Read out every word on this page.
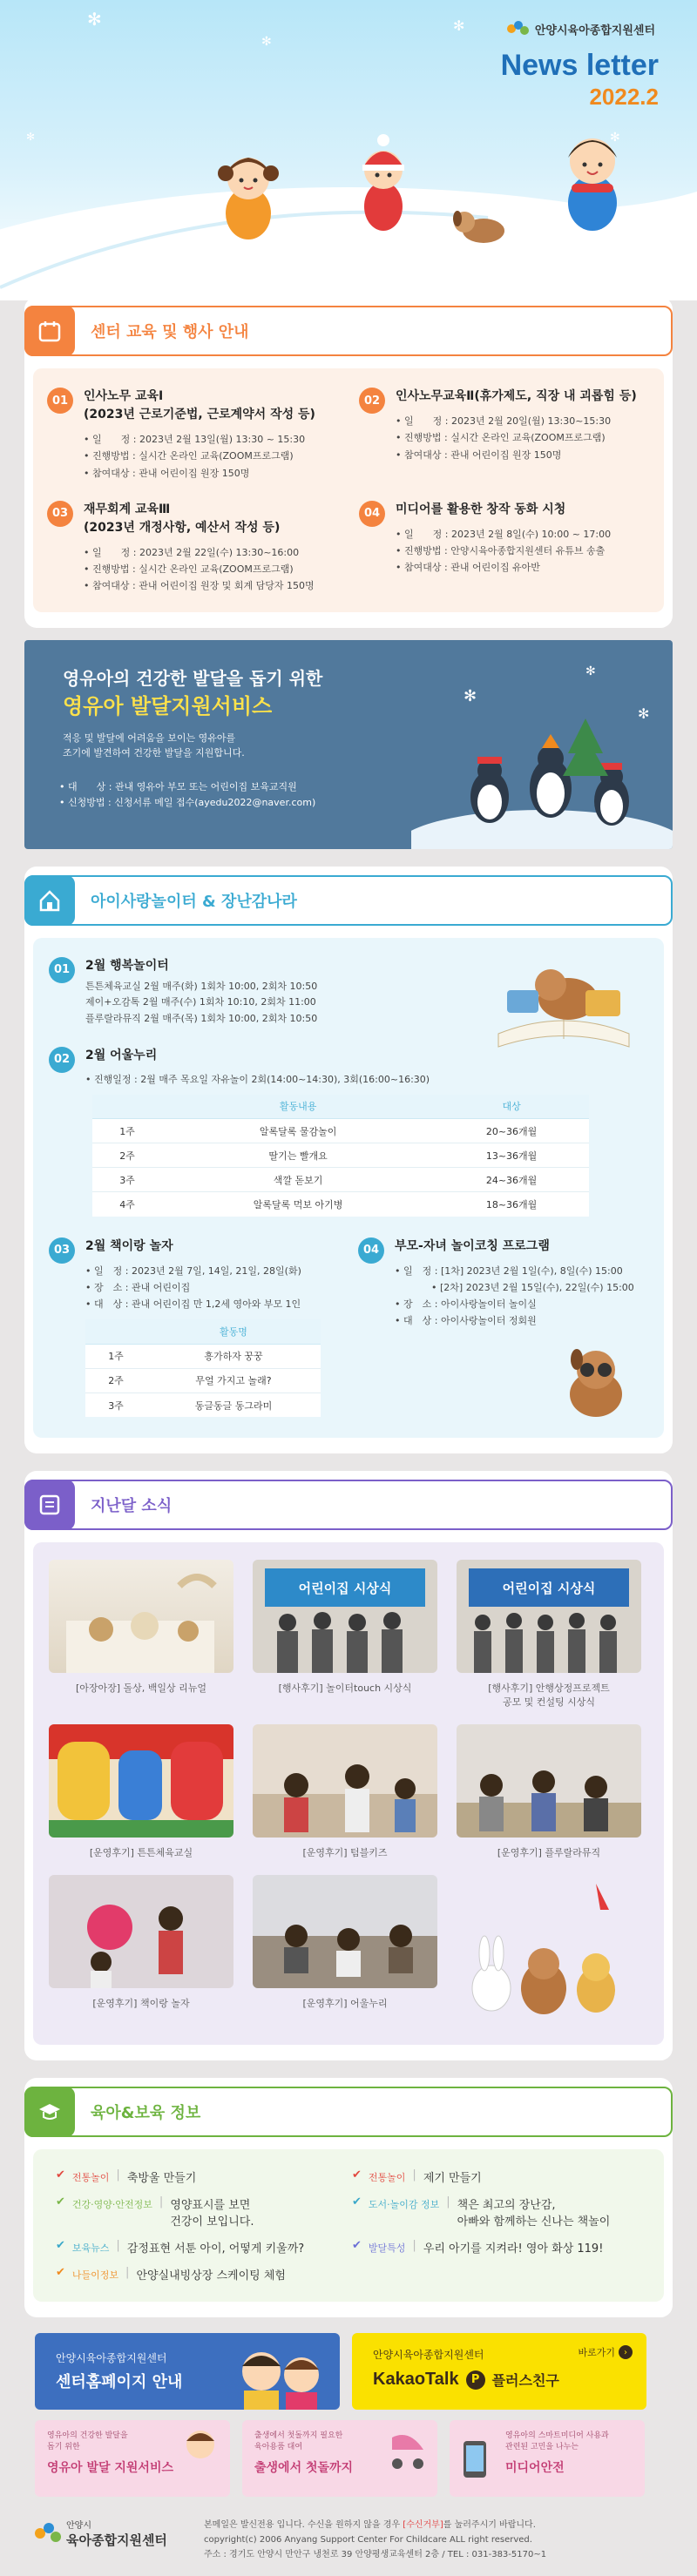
✻
✻
✻
✻	✻
안양시육아종합지원센터
News letter
2022.2
센터 교육 및 행사 안내
01	인사노무 교육Ⅰ
(2023년 근로기준법, 근로계약서 작성 등)
• 일　　정 : 2023년 2월 13일(월) 13:30 ~ 15:30
• 진행방법 : 실시간 온라인 교육(ZOOM프로그램)
• 참여대상 : 관내 어린이집 원장 150명
02	인사노무교육Ⅱ(휴가제도, 직장 내 괴롭힘 등)
• 일　　정 : 2023년 2월 20일(월) 13:30~15:30
• 진행방법 : 실시간 온라인 교육(ZOOM프로그램)
• 참여대상 : 관내 어린이집 원장 150명
03	재무회계 교육Ⅲ
(2023년 개정사항, 예산서 작성 등)
• 일　　정 : 2023년 2월 22일(수) 13:30~16:00
• 진행방법 : 실시간 온라인 교육(ZOOM프로그램)
• 참여대상 : 관내 어린이집 원장 및 회계 담당자 150명
04	미디어를 활용한 창작 동화 시청
• 일　　정 : 2023년 2월 8일(수) 10:00 ~ 17:00
• 진행방법 : 안양시육아종합지원센터 유튜브 송출
• 참여대상 : 관내 어린이집 유아반
영유아의 건강한 발달을 돕기 위한
영유아 발달지원서비스
적응 및 발달에 어려움을 보이는 영유아를
조기에 발견하여 건강한 발달을 지원합니다.
• 대　　상 : 관내 영유아 부모 또는 어린이집 보육교직원
• 신청방법 : 신청서류 메일 접수(ayedu2022@naver.com)
✻
✻
✻
아이사랑놀이터 & 장난감나라
01	2월 행복놀이터
튼튼체육교실 2월 매주(화) 1회차 10:00, 2회차 10:50
제이+오감톡 2월 매주(수) 1회차 10:10, 2회차 11:00
플루랄라뮤직 2월 매주(목) 1회차 10:00, 2회차 10:50
02	2월 어울누리
• 진행일정 : 2월 매주 목요일 자유놀이 2회(14:00~14:30), 3회(16:00~16:30)
	활동내용	대상
1주	알록달록 물감놀이	20~36개월
2주	딸기는 빨개요	13~36개월
3주	색깔 돋보기	24~36개월
4주	알록달록 먹보 아기병	18~36개월
03	2월 책이랑 놀자
• 일　정 : 2023년 2월 7일, 14일, 21일, 28일(화)
• 장　소 : 관내 어린이집
• 대　상 : 관내 어린이집 만 1,2세 영아와 부모 1인
	활동명
1주	흥가하자 꿍꿍
2주	무얼 가지고 놀래?
3주	동글동글 동그라미
04	부모-자녀 놀이코칭 프로그램
• 일　정 : [1차] 2023년 2월 1일(수), 8일(수) 15:00
• [2차] 2023년 2월 15일(수), 22일(수) 15:00
• 장　소 : 아이사랑놀이터 놀이실
• 대　상 : 아이사랑놀이터 정회원
지난달 소식
[아장아장] 돌상, 백일상 리뉴얼
어린이집 시상식
[행사후기] 놀이터touch 시상식
어린이집 시상식
[행사후기] 안행상정프로젝트
공모 및 컨설팅 시상식
[운영후기] 튼튼체육교실	[운영후기] 텀블키즈	[운영후기] 플루랄라뮤직
[운영후기] 책이랑 놀자	[운영후기] 어울누리
육아&보육 정보
✔ 전통놀이 | 축방울 만들기	✔ 전통놀이 | 제기 만들기
✔ 건강·영양·안전정보 | 영양표시를 보면
건강이 보입니다.
✔ 도서·놀이감 정보 | 책은 최고의 장난감,
아빠와 함께하는 신나는 책놀이
✔ 보육뉴스 | 감정표현 서툰 아이, 어떻게 키울까?	✔ 발달특성 | 우리 아기를 지켜라! 영아 화상 119!
✔ 나들이정보 | 안양실내빙상장 스케이팅 체험
안양시육아종합지원센터
센터홈페이지 안내
안양시육아종합지원센터	바로가기	›
KakaoTalk	P 플러스친구
영유아의 건강한 발달을
돕기 위한
영유아 발달 지원서비스
출생에서 첫돌까지 필요한
육아용품 대여
출생에서 첫돌까지
영유아의 스마트미디어 사용과
관련된 고민을 나누는
미디어안전
안양시
육아종합지원센터
본메일은 발신전용 입니다. 수신을 원하지 않을 경우 [수신거부]를 눌러주시기 바랍니다.
copyright(c) 2006 Anyang Support Center For Childcare ALL right reserved.
주소 : 경기도 안양시 만안구 냉천로 39 안양평생교육센터 2층 / TEL : 031-383-5170~1
